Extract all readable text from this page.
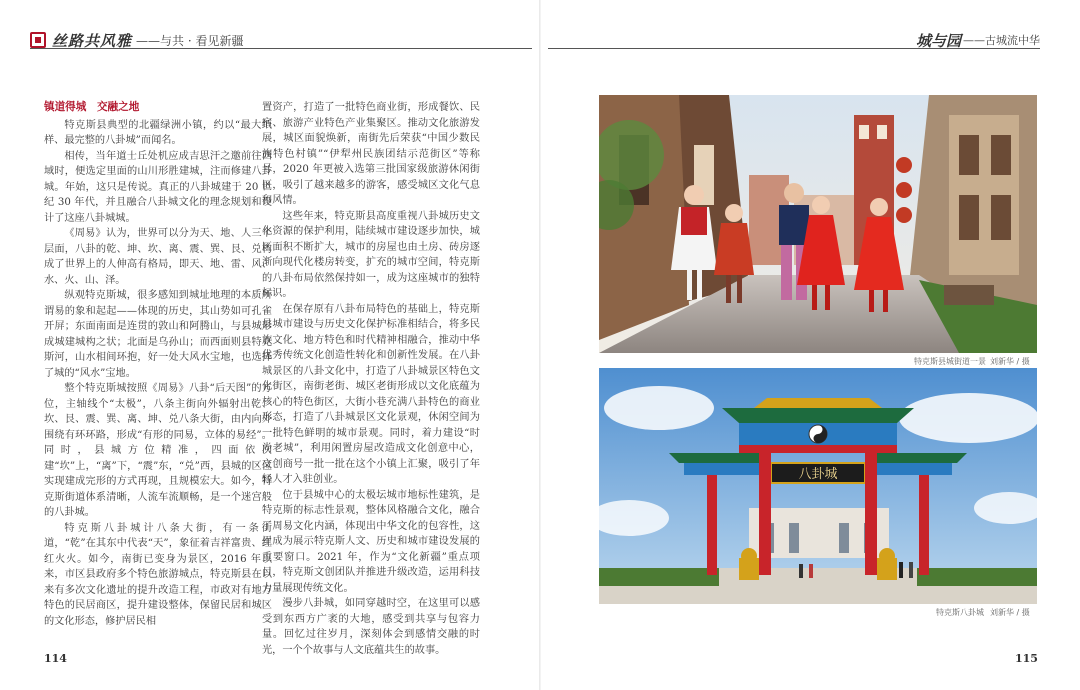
丝路共风雅 ——与共 · 看见新疆	城与园 ——古城流中华
镇道得城　交融之地

特克斯县典型的北疆绿洲小镇，约以“最大纸样、最完整的八卦城”而闻名。

相传，当年道士丘处机应成吉思汗之邀前往西域时，便选定里面的山川形胜建城，注而修建八卦城。年始，这只是传说。真正的八卦城建于 20 世纪 30 年代，并且融合八卦城文化的理念规划和设计了这座八卦城城。

《周易》认为，世界可以分为天、地、人三个层面，八卦的乾、坤、坎、离、震、巽、艮、兑构成了世界上的人伸高有格局，即天、地、雷、风、水、火、山、泽。

纵观特克斯城，很多感知到城址地理的本质所谓易的象和起起——体现的历史，其山势如可孔雀开屏；东面南面是连贯的敦山和阿腾山，与县城形成城建城构之状；北面是乌孙山；而西面则县特克斯河，山水相间环抱，好一处大风水宝地，也选择了城的“风水”宝地。

整个特克斯城按照《周易》八卦“后天图”的方位，主轴线个“太极”，八条主街向外辐射出乾、坎、艮、震、巽、离、坤、兑八条大街，由内向外围绕有环环路，形成“有形的同易，立体的易经”。同时，县城方位精准，四面依次建“坎”上，“离”下，“震”东，“兑”西，县城的区位实现建成完形的方式再现，且规模宏大。如今，特克斯街道体系清晰，人流车流顺畅，是一个迷宫般的八卦城。

特克斯八卦城计八条大街，有一条街道，“乾”在其东中代表“天”，象征着吉祥富贵、红红火火。如今，南街已变身为景区，2016 年以来，市区县政府多个特色旅游城点，特克斯县在以来有多次文化遗址的提升改造工程，市政对有地方特色的民居商区，提升建设整体，保留民居和城区的文化形态，修护居民相

置资产，打造了一批特色商业街，形成餐饮、民宿、旅游产业特色产业集聚区。推动文化旅游发展，城区面貌焕新，南街先后荣获“中国少数民族特色村镇”“伊犁州民族团结示范街区”等称号，2020 年更被入选第三批国家级旅游休闲街区，吸引了越来越多的游客，感受城区文化气息和风情。

这些年来，特克斯县高度重视八卦城历史文化资源的保护利用，陆续城市建设逐步加快，城区面积不断扩大，城市的房屋也由土房、砖房逐渐向现代化楼房转变，扩充的城市空间，特克斯的八卦布局依然保持如一，成为这座城市的独特标识。

在保存原有八卦布局特色的基础上，特克斯县城市建设与历史文化保护标准相结合，将多民族文化、地方特色和时代精神相融合，推动中华优秀传统文化创造性转化和创新性发展。在八卦城景区的八卦文化中，打造了八卦城景区特色文化街区，南街老街、城区老街形成以文化底蕴为核心的特色街区，大街小巷充满八卦特色的商业形态，打造了八卦城景区文化景观，休闲空间为一批特色鲜明的城市景观。同时，着力建设“时尚老城”，利用闲置房屋改造成文化创意中心，文创商号一批一批在这个小镇上汇聚，吸引了年轻人才入驻创业。

位于县城中心的太极坛城市地标性建筑，是特克斯的标志性景观，整体风格融合文化，融合了周易文化内涵，体现出中华文化的包容性，这里成为展示特克斯人文、历史和城市建设发展的重要窗口。2021 年，作为“文化新疆”重点项目，特克斯文创团队并推进升级改造，运用科技力量展现传统文化。

漫步八卦城，如同穿越时空，在这里可以感受到东西方广袤的大地，感受到共享与包容力量。回忆过往岁月，深刻体会到感情交融的时光，一个个故事与人文底蕴共生的故事。

特克斯县城街道一景 刘新华 / 摄
八卦城
特克斯八卦城 刘新华 / 摄
114	115
